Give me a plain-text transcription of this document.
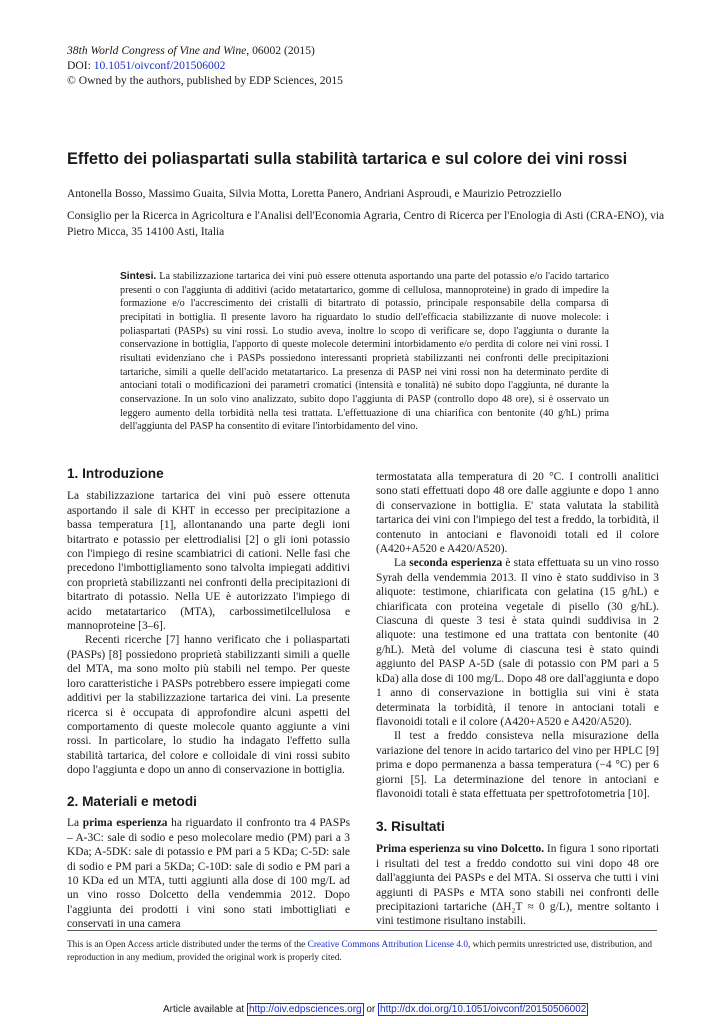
38th World Congress of Vine and Wine, 06002 (2015)
DOI: 10.1051/oivconf/201506002
© Owned by the authors, published by EDP Sciences, 2015
Effetto dei poliaspartati sulla stabilità tartarica e sul colore dei vini rossi
Antonella Bosso, Massimo Guaita, Silvia Motta, Loretta Panero, Andriani Asproudi, e Maurizio Petrozziello
Consiglio per la Ricerca in Agricoltura e l'Analisi dell'Economia Agraria, Centro di Ricerca per l'Enologia di Asti (CRA-ENO), via Pietro Micca, 35 14100 Asti, Italia
Sintesi. La stabilizzazione tartarica dei vini può essere ottenuta asportando una parte del potassio e/o l'acido tartarico presenti o con l'aggiunta di additivi (acido metatartarico, gomme di cellulosa, mannoproteine) in grado di impedire la formazione e/o l'accrescimento dei cristalli di bitartrato di potassio, principale responsabile della comparsa di precipitati in bottiglia. Il presente lavoro ha riguardato lo studio dell'efficacia stabilizzante di nuove molecole: i poliaspartati (PASPs) su vini rossi. Lo studio aveva, inoltre lo scopo di verificare se, dopo l'aggiunta o durante la conservazione in bottiglia, l'apporto di queste molecole determini intorbidamento e/o perdita di colore nei vini rossi. I risultati evidenziano che i PASPs possiedono interessanti proprietà stabilizzanti nei confronti delle precipitazioni tartariche, simili a quelle dell'acido metatartarico. La presenza di PASP nei vini rossi non ha determinato perdite di antociani totali o modificazioni dei parametri cromatici (intensità e tonalità) né subito dopo l'aggiunta, né durante la conservazione. In un solo vino analizzato, subito dopo l'aggiunta di PASP (controllo dopo 48 ore), si è osservato un leggero aumento della torbidità nella tesi trattata. L'effettuazione di una chiarifica con bentonite (40 g/hL) prima dell'aggiunta del PASP ha consentito di evitare l'intorbidamento del vino.
1. Introduzione

La stabilizzazione tartarica dei vini può essere ottenuta asportando il sale di KHT in eccesso per precipitazione a bassa temperatura [1], allontanando una parte degli ioni bitartrato e potassio per elettrodialisi [2] o gli ioni potassio con l'impiego di resine scambiatrici di cationi. Nelle fasi che precedono l'imbottigliamento sono talvolta impiegati additivi con proprietà stabilizzanti nei confronti della precipitazioni di bitartrato di potassio. Nella UE è autorizzato l'impiego di acido metatartarico (MTA), carbossimetilcellulosa e mannoproteine [3–6].

Recenti ricerche [7] hanno verificato che i poliaspartati (PASPs) [8] possiedono proprietà stabilizzanti simili a quelle del MTA, ma sono molto più stabili nel tempo. Per queste loro caratteristiche i PASPs potrebbero essere impiegati come additivi per la stabilizzazione tartarica dei vini. La presente ricerca si è occupata di approfondire alcuni aspetti del comportamento di queste molecole quanto aggiunte a vini rossi. In particolare, lo studio ha indagato l'effetto sulla stabilità tartarica, del colore e colloidale di vini rossi subito dopo l'aggiunta e dopo un anno di conservazione in bottiglia.

2. Materiali e metodi

La prima esperienza ha riguardato il confronto tra 4 PASPs – A-3C: sale di sodio e peso molecolare medio (PM) pari a 3 KDa; A-5DK: sale di potassio e PM pari a 5 KDa; C-5D: sale di sodio e PM pari a 5KDa; C-10D: sale di sodio e PM pari a 10 KDa ed un MTA, tutti aggiunti alla dose di 100 mg/L ad un vino rosso Dolcetto della vendemmia 2012. Dopo l'aggiunta dei prodotti i vini sono stati imbottigliati e conservati in una camera

termostatata alla temperatura di 20 °C. I controlli analitici sono stati effettuati dopo 48 ore dalle aggiunte e dopo 1 anno di conservazione in bottiglia. E' stata valutata la stabilità tartarica dei vini con l'impiego del test a freddo, la torbidità, il contenuto in antociani e flavonoidi totali ed il colore (A420+A520 e A420/A520).

La seconda esperienza è stata effettuata su un vino rosso Syrah della vendemmia 2013. Il vino è stato suddiviso in 3 aliquote: testimone, chiarificata con gelatina (15 g/hL) e chiarificata con proteina vegetale di pisello (30 g/hL). Ciascuna di queste 3 tesi è stata quindi suddivisa in 2 aliquote: una testimone ed una trattata con bentonite (40 g/hL). Metà del volume di ciascuna tesi è stato quindi aggiunto del PASP A-5D (sale di potassio con PM pari a 5 kDa) alla dose di 100 mg/L. Dopo 48 ore dall'aggiunta e dopo 1 anno di conservazione in bottiglia sui vini è stata determinata la torbidità, il tenore in antociani totali e flavonoidi totali e il colore (A420+A520 e A420/A520).

Il test a freddo consisteva nella misurazione della variazione del tenore in acido tartarico del vino per HPLC [9] prima e dopo permanenza a bassa temperatura (−4 °C) per 6 giorni [5]. La determinazione del tenore in antociani e flavonoidi totali è stata effettuata per spettrofotometria [10].

3. Risultati

Prima esperienza su vino Dolcetto. In figura 1 sono riportati i risultati del test a freddo condotto sui vini dopo 48 ore dall'aggiunta dei PASPs e del MTA. Si osserva che tutti i vini aggiunti di PASPs e MTA sono stabili nei confronti delle precipitazioni tartariche (ΔH₂T ≈ 0 g/L), mentre soltanto i vini testimone risultano instabili.

This is an Open Access article distributed under the terms of the Creative Commons Attribution License 4.0, which permits unrestricted use, distribution, and reproduction in any medium, provided the original work is properly cited.
Article available at http://oiv.edpsciences.org or http://dx.doi.org/10.1051/oivconf/20150506002
